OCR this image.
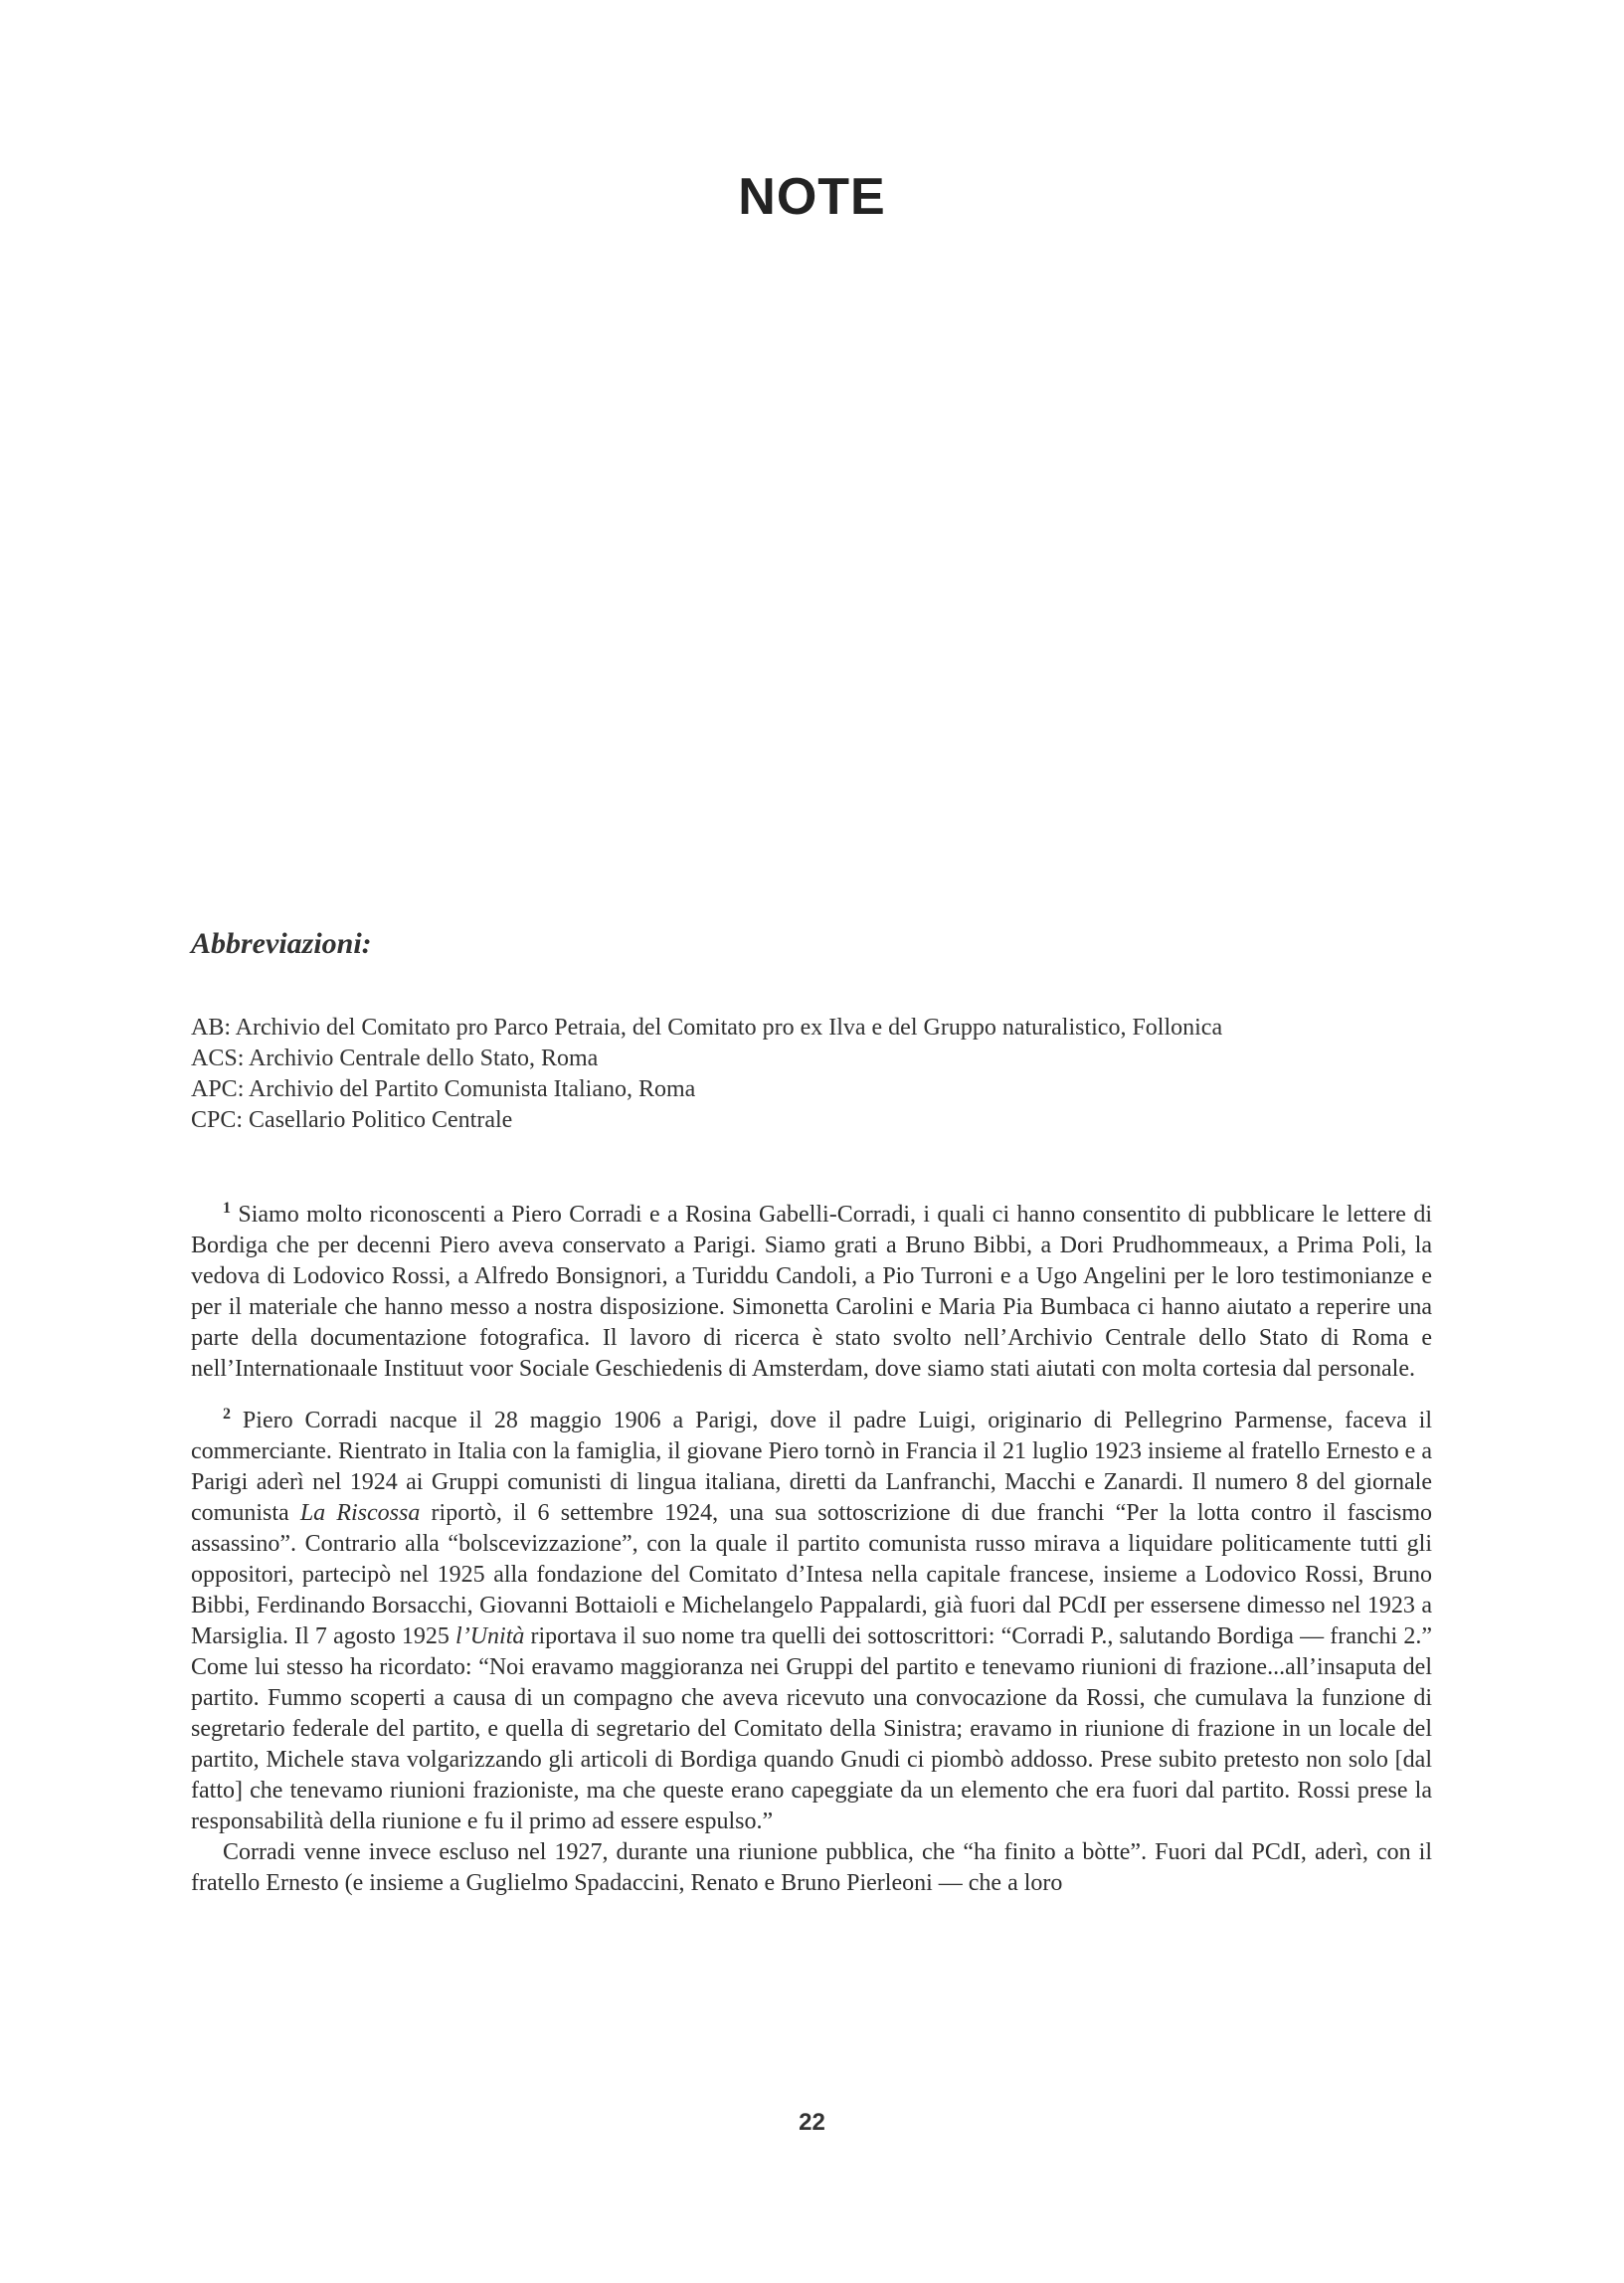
NOTE
Abbreviazioni:
AB: Archivio del Comitato pro Parco Petraia, del Comitato pro ex Ilva e del Gruppo naturalistico, Follonica
ACS: Archivio Centrale dello Stato, Roma
APC: Archivio del Partito Comunista Italiano, Roma
CPC: Casellario Politico Centrale

$^1$ Siamo molto riconoscenti a Piero Corradi e a Rosina Gabelli-Corradi, i quali ci hanno consentito di pubblicare le lettere di Bordiga che per decenni Piero aveva conservato a Parigi. Siamo grati a Bruno Bibbi, a Dori Prudhommeaux, a Prima Poli, la vedova di Lodovico Rossi, a Alfredo Bonsignori, a Turiddu Candoli, a Pio Turroni e a Ugo Angelini per le loro testimonianze e per il materiale che hanno messo a nostra disposizione. Simonetta Carolini e Maria Pia Bumbaca ci hanno aiutato a reperire una parte della documentazione fotografica. Il lavoro di ricerca è stato svolto nell’Archivio Centrale dello Stato di Roma e nell’Internationaale Instituut voor Sociale Geschiedenis di Amsterdam, dove siamo stati aiutati con molta cortesia dal personale.

$^2$ Piero Corradi nacque il 28 maggio 1906 a Parigi, dove il padre Luigi, originario di Pellegrino Parmense, faceva il commerciante. Rientrato in Italia con la famiglia, il giovane Piero tornò in Francia il 21 luglio 1923 insieme al fratello Ernesto e a Parigi aderì nel 1924 ai Gruppi comunisti di lingua italiana, diretti da Lanfranchi, Macchi e Zanardi. Il numero 8 del giornale comunista La Riscossa riportò, il 6 settembre 1924, una sua sottoscrizione di due franchi “Per la lotta contro il fascismo assassino”. Contrario alla “bolscevizzazione”, con la quale il partito comunista russo mirava a liquidare politicamente tutti gli oppositori, partecipò nel 1925 alla fondazione del Comitato d’Intesa nella capitale francese, insieme a Lodovico Rossi, Bruno Bibbi, Ferdinando Borsacchi, Giovanni Bottaioli e Michelangelo Pappalardi, già fuori dal PCdI per essersene dimesso nel 1923 a Marsiglia. Il 7 agosto 1925 l’Unità riportava il suo nome tra quelli dei sottoscrittori: “Corradi P., salutando Bordiga — franchi 2.” Come lui stesso ha ricordato: “Noi eravamo maggioranza nei Gruppi del partito e tenevamo riunioni di frazione...all’insaputa del partito. Fummo scoperti a causa di un compagno che aveva ricevuto una convocazione da Rossi, che cumulava la funzione di segretario federale del partito, e quella di segretario del Comitato della Sinistra; eravamo in riunione di frazione in un locale del partito, Michele stava volgarizzando gli articoli di Bordiga quando Gnudi ci piombò addosso. Prese subito pretesto non solo [dal fatto] che tenevamo riunioni frazioniste, ma che queste erano capeggiate da un elemento che era fuori dal partito. Rossi prese la responsabilità della riunione e fu il primo ad essere espulso.”

Corradi venne invece escluso nel 1927, durante una riunione pubblica, che “ha finito a bòtte”. Fuori dal PCdI, aderì, con il fratello Ernesto (e insieme a Guglielmo Spadaccini, Renato e Bruno Pierleoni — che a loro

22
